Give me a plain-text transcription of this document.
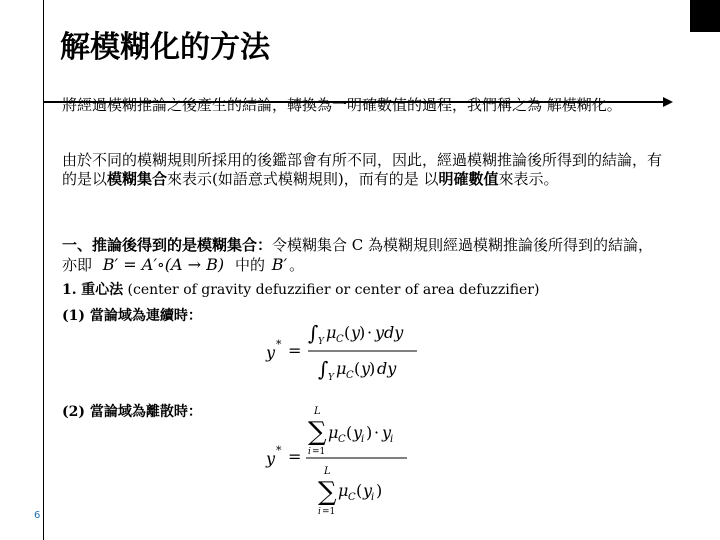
解模糊化的方法
將經過模糊推論之後產生的結論，轉換為一明確數值的過程，我們稱之為 解模糊化。
由於不同的模糊規則所採用的後鑑部會有所不同，因此，經過模糊推論後所得到的結論，有的是以模糊集合來表示(如語意式模糊規則)，而有的是 以明確數值來表示。
一、推論後得到的是模糊集合：令模糊集合 C 為模糊規則經過模糊推論後所得到的結論，亦即 B′ = A′∘(A → B) 中的 B′ 。
1. 重心法 (center of gravity defuzzifier or center of area defuzzifier)
(1) 當論域為連續時：
y * =
∫ Y μ C ( y
) · ydy
∫ Y μ C ( y
) dy
(2) 當論域為離散時：
y * =
L
∑
i =1
μ C ( y
i ) · y
i
L
∑
i =1
μ C ( y
i )
6
